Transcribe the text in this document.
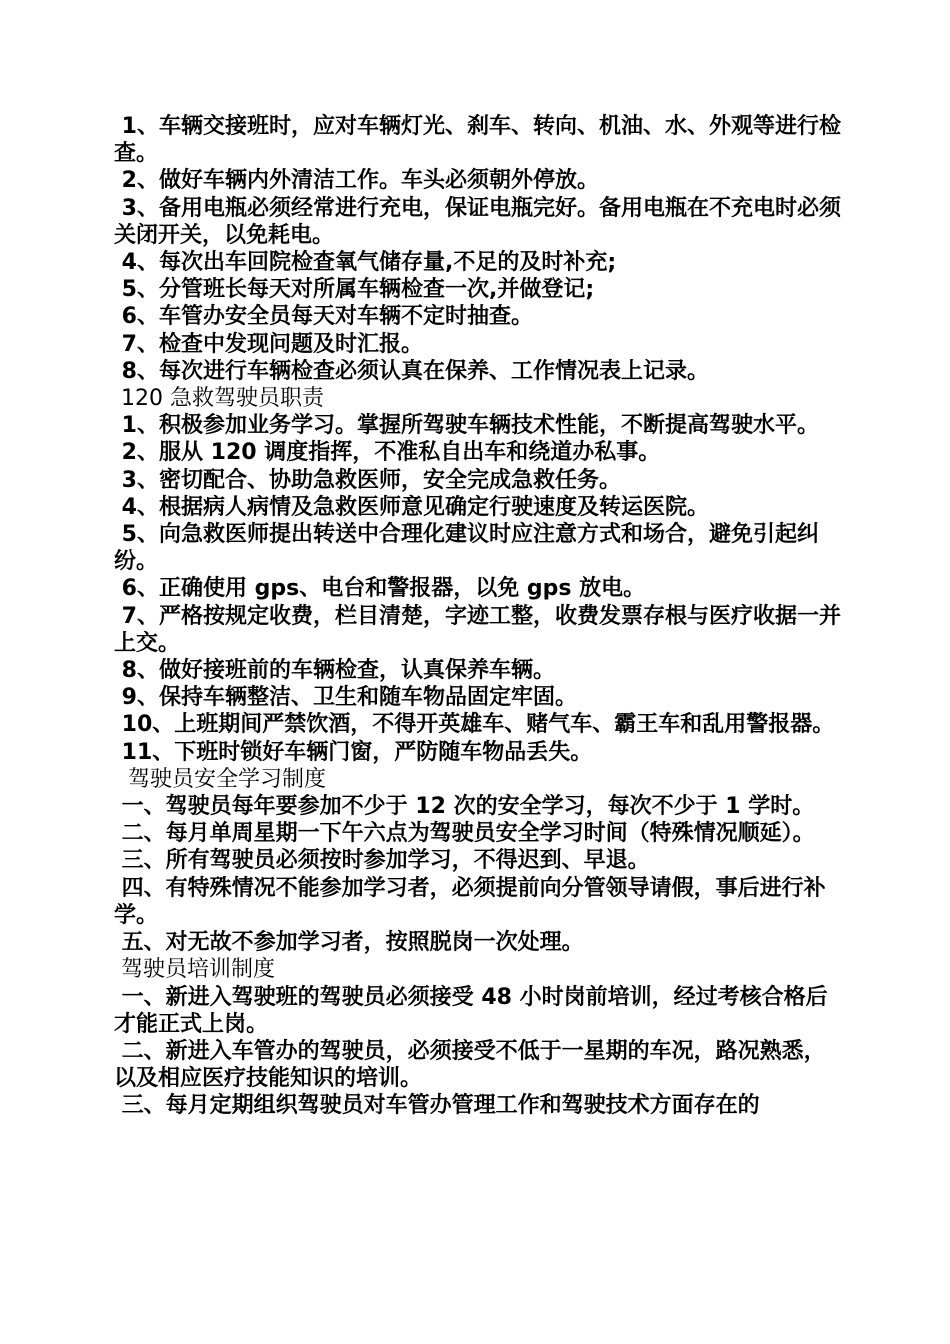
1、车辆交接班时，应对车辆灯光、刹车、转向、机油、水、外观等进行检查。

2、做好车辆内外清洁工作。车头必须朝外停放。

3、备用电瓶必须经常进行充电，保证电瓶完好。备用电瓶在不充电时必须关闭开关，以免耗电。

4、每次出车回院检查氧气储存量,不足的及时补充;

5、分管班长每天对所属车辆检查一次,并做登记;

6、车管办安全员每天对车辆不定时抽查。

7、检查中发现问题及时汇报。

8、每次进行车辆检查必须认真在保养、工作情况表上记录。

120 急救驾驶员职责

1、积极参加业务学习。掌握所驾驶车辆技术性能，不断提高驾驶水平。

2、服从 120 调度指挥，不准私自出车和绕道办私事。

3、密切配合、协助急救医师，安全完成急救任务。

4、根据病人病情及急救医师意见确定行驶速度及转运医院。

5、向急救医师提出转送中合理化建议时应注意方式和场合，避免引起纠纷。

6、正确使用 gps、电台和警报器，以免 gps 放电。

7、严格按规定收费，栏目清楚，字迹工整，收费发票存根与医疗收据一并上交。

8、做好接班前的车辆检查，认真保养车辆。

9、保持车辆整洁、卫生和随车物品固定牢固。

10、上班期间严禁饮酒，不得开英雄车、赌气车、霸王车和乱用警报器。

11、下班时锁好车辆门窗，严防随车物品丢失。

驾驶员安全学习制度

一、驾驶员每年要参加不少于 12 次的安全学习，每次不少于 1 学时。

二、每月单周星期一下午六点为驾驶员安全学习时间（特殊情况顺延）。

三、所有驾驶员必须按时参加学习，不得迟到、早退。

四、有特殊情况不能参加学习者，必须提前向分管领导请假，事后进行补学。

五、对无故不参加学习者，按照脱岗一次处理。

驾驶员培训制度

一、新进入驾驶班的驾驶员必须接受 48 小时岗前培训，经过考核合格后才能正式上岗。

二、新进入车管办的驾驶员，必须接受不低于一星期的车况，路况熟悉，以及相应医疗技能知识的培训。

三、每月定期组织驾驶员对车管办管理工作和驾驶技术方面存在的
